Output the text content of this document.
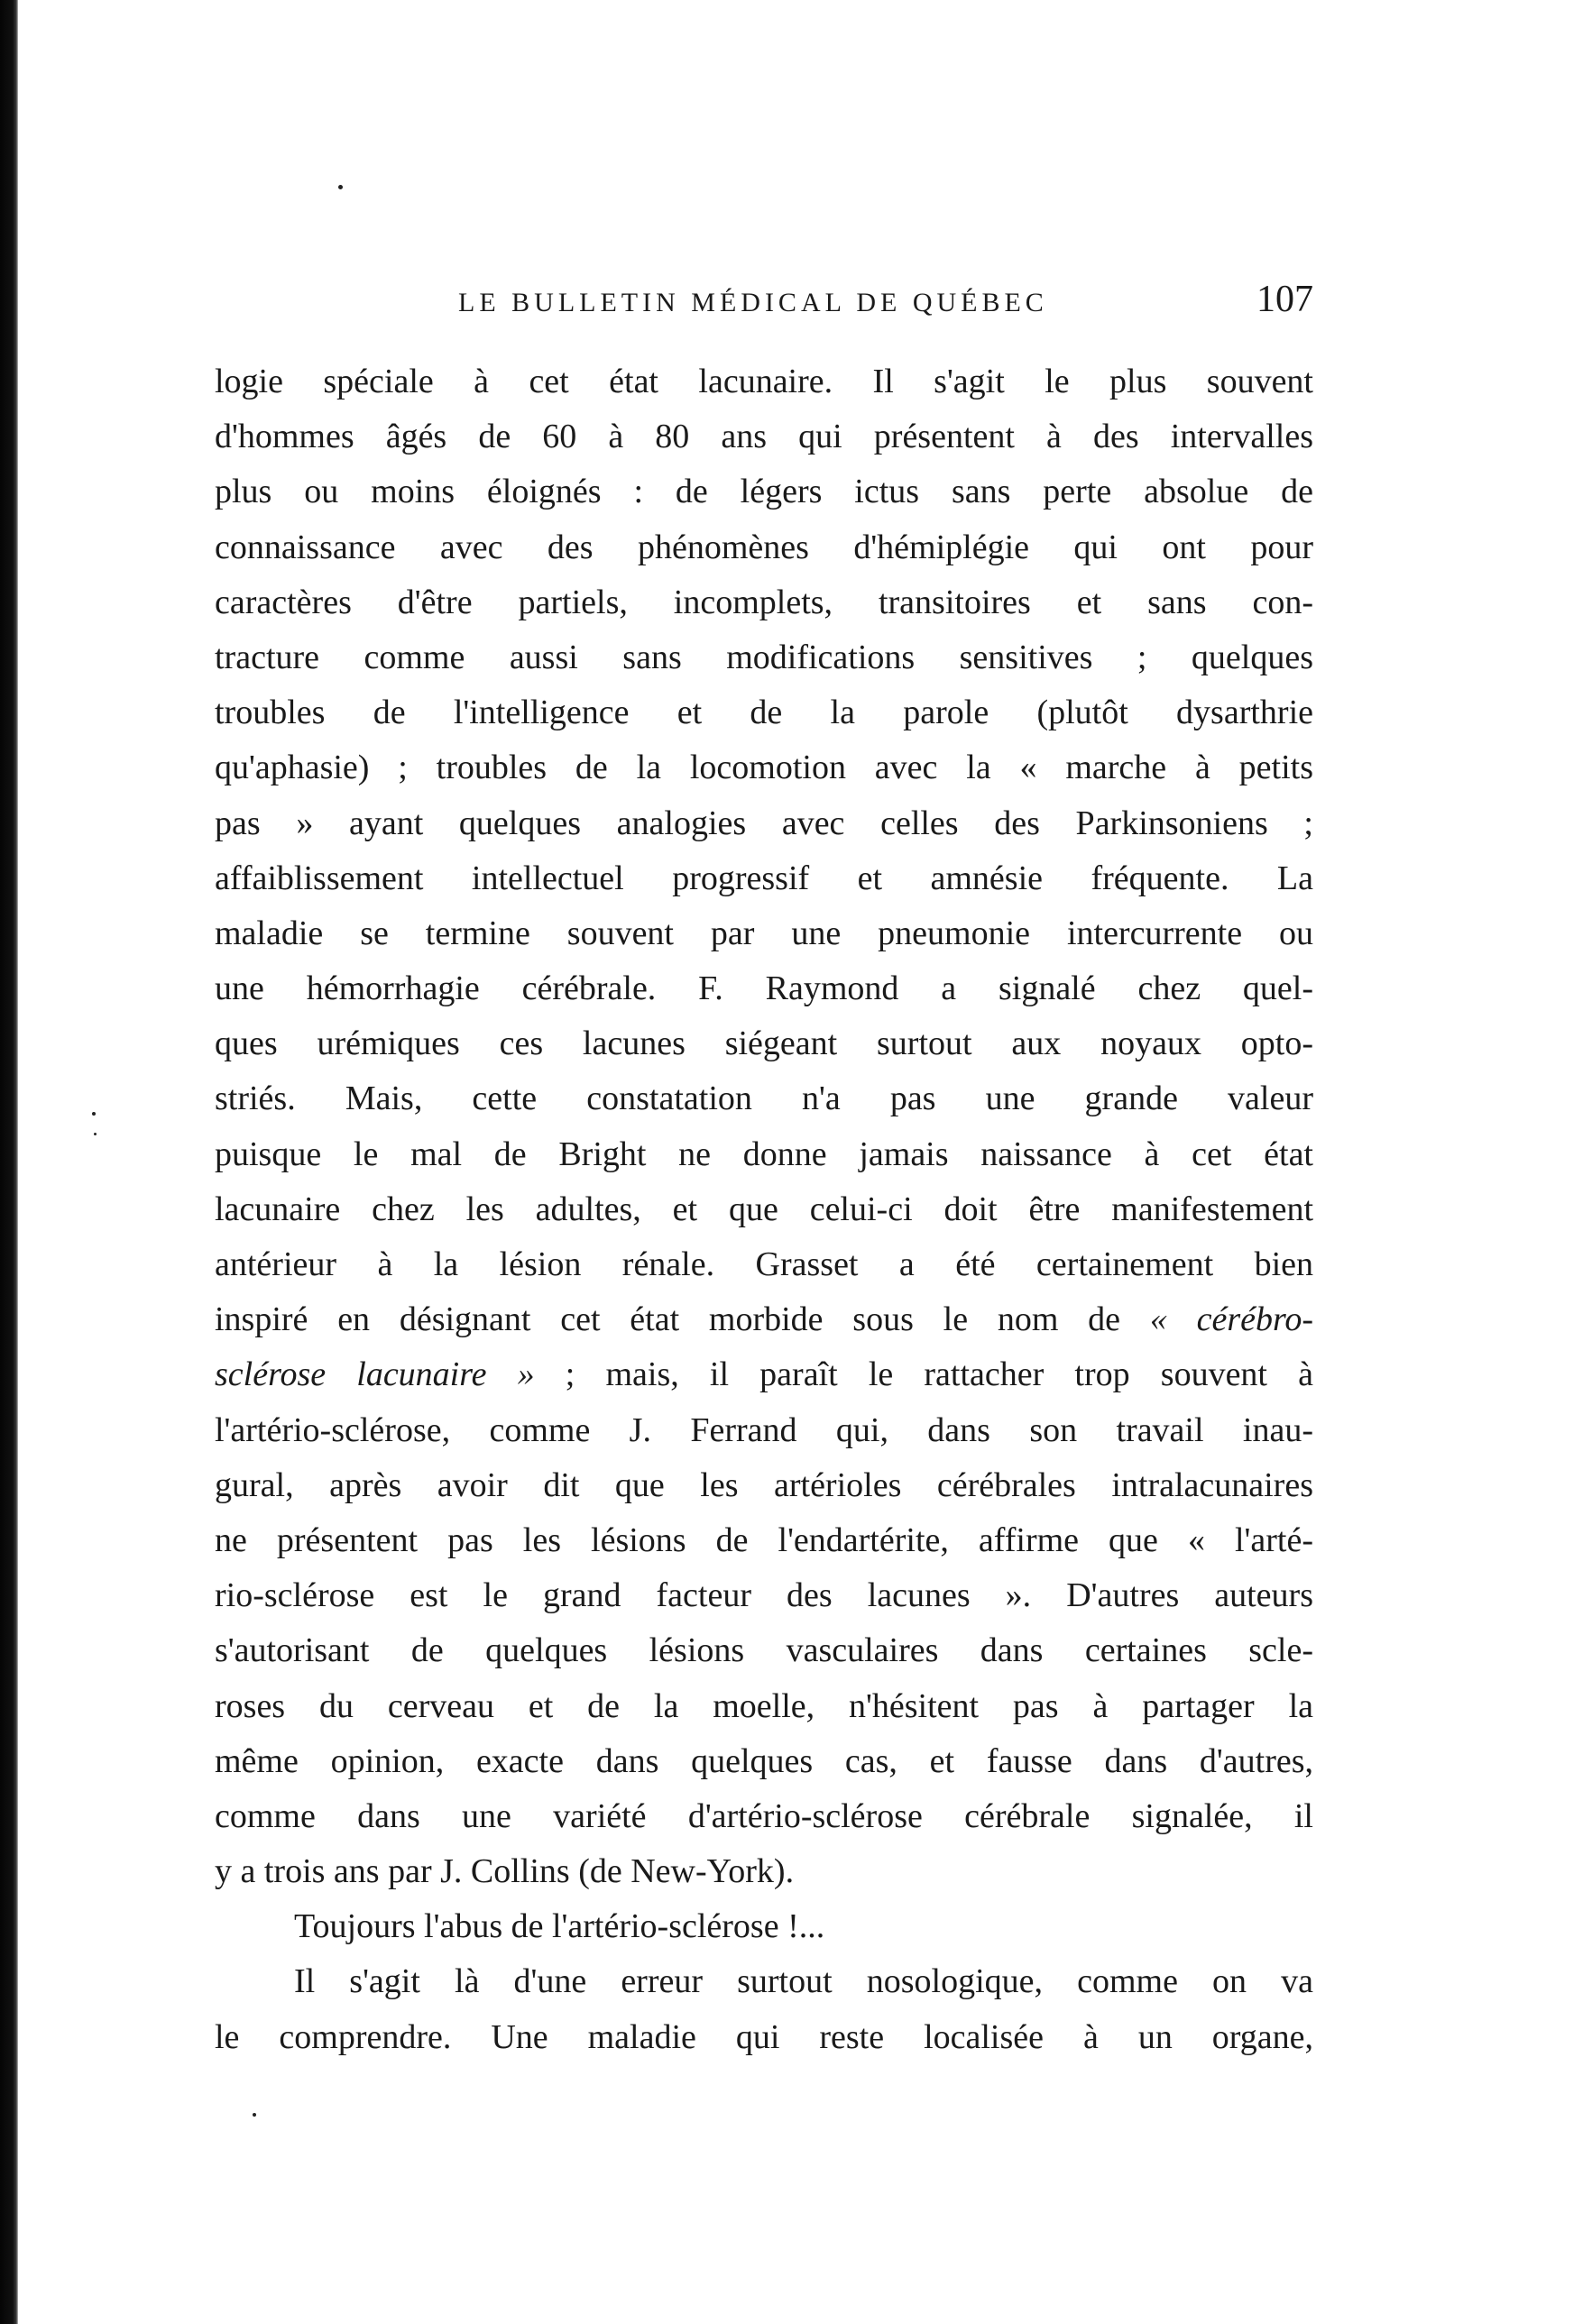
LE BULLETIN MÉDICAL DE QUÉBEC	107
logie spéciale à cet état lacunaire. Il s'agit le plus souvent
d'hommes âgés de 60 à 80 ans qui présentent à des intervalles
plus ou moins éloignés : de légers ictus sans perte absolue de
connaissance avec des phénomènes d'hémiplégie qui ont pour
caractères d'être partiels, incomplets, transitoires et sans con-
tracture comme aussi sans modifications sensitives ; quelques
troubles de l'intelligence et de la parole (plutôt dysarthrie
qu'aphasie) ; troubles de la locomotion avec la « marche à petits
pas » ayant quelques analogies avec celles des Parkinsoniens ;
affaiblissement intellectuel progressif et amnésie fréquente. La
maladie se termine souvent par une pneumonie intercurrente ou
une hémorrhagie cérébrale. F. Raymond a signalé chez quel-
ques urémiques ces lacunes siégeant surtout aux noyaux opto-
striés. Mais, cette constatation n'a pas une grande valeur
puisque le mal de Bright ne donne jamais naissance à cet état
lacunaire chez les adultes, et que celui-ci doit être manifestement
antérieur à la lésion rénale. Grasset a été certainement bien
inspiré en désignant cet état morbide sous le nom de « cérébro-
sclérose lacunaire » ; mais, il paraît le rattacher trop souvent à
l'artério-sclérose, comme J. Ferrand qui, dans son travail inau-
gural, après avoir dit que les artérioles cérébrales intralacunaires
ne présentent pas les lésions de l'endartérite, affirme que « l'arté-
rio-sclérose est le grand facteur des lacunes ». D'autres auteurs
s'autorisant de quelques lésions vasculaires dans certaines scle-
roses du cerveau et de la moelle, n'hésitent pas à partager la
même opinion, exacte dans quelques cas, et fausse dans d'autres,
comme dans une variété d'artério-sclérose cérébrale signalée, il
y a trois ans par J. Collins (de New-York).
Toujours l'abus de l'artério-sclérose !...
Il s'agit là d'une erreur surtout nosologique, comme on va
le comprendre. Une maladie qui reste localisée à un organe,
